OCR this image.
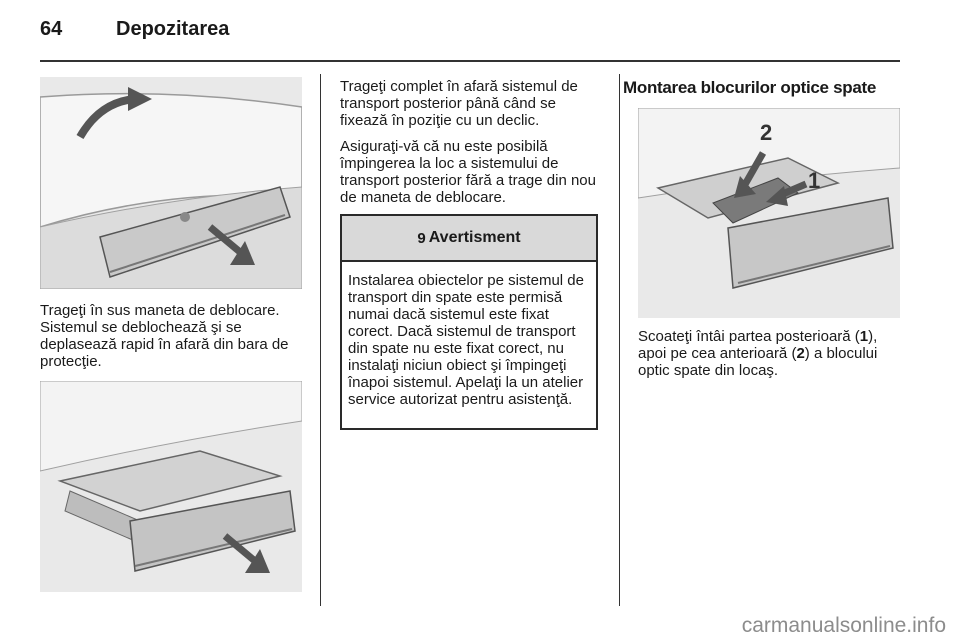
64	Depozitarea

Trageţi în sus maneta de deblocare. Sistemul se deblochează şi se deplasează rapid în afară din bara de protecţie.

Trageţi complet în afară sistemul de transport posterior până când se fixează în poziţie cu un declic.

Asiguraţi-vă că nu este posibilă împingerea la loc a sistemului de transport posterior fără a trage din nou de maneta de deblocare.

9 Avertisment

Instalarea obiectelor pe sistemul de transport din spate este permisă numai dacă sistemul este fixat corect. Dacă sistemul de transport din spate nu este fixat corect, nu instalaţi niciun obiect şi împingeţi înapoi sistemul. Apelaţi la un atelier service autorizat pentru asistenţă.

Montarea blocurilor optice spate
2
1

Scoateţi întâi partea posterioară (1), apoi pe cea anterioară (2) a blocului optic spate din locaş.

carmanualsonline.info
